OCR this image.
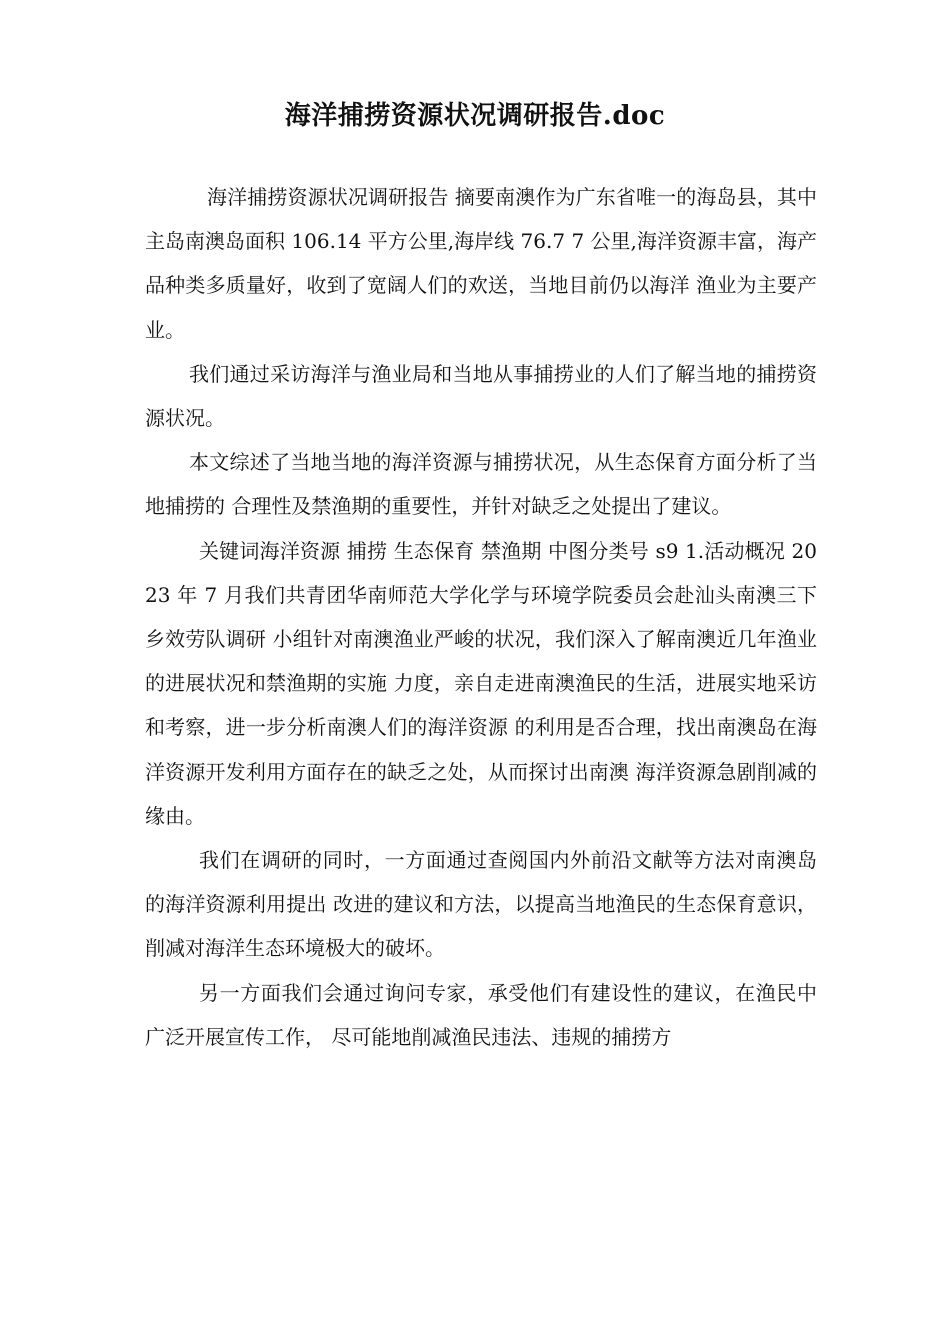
海洋捕捞资源状况调研报告.doc

海洋捕捞资源状况调研报告 摘要南澳作为广东省唯一的海岛县，其中主岛南澳岛面积 106.14 平方公里,海岸线 76.7 7 公里,海洋资源丰富，海产品种类多质量好，收到了宽阔人们的欢送，当地目前仍以海洋 渔业为主要产业。

我们通过采访海洋与渔业局和当地从事捕捞业的人们了解当地的捕捞资 源状况。

本文综述了当地当地的海洋资源与捕捞状况，从生态保育方面分析了当地捕捞的 合理性及禁渔期的重要性，并针对缺乏之处提出了建议。

关键词海洋资源 捕捞 生态保育 禁渔期 中图分类号 s9 1.活动概况 2023 年 7 月我们共青团华南师范大学化学与环境学院委员会赴汕头南澳三下乡效劳队调研 小组针对南澳渔业严峻的状况，我们深入了解南澳近几年渔业的进展状况和禁渔期的实施 力度，亲自走进南澳渔民的生活，进展实地采访和考察，进一步分析南澳人们的海洋资源 的利用是否合理，找出南澳岛在海洋资源开发利用方面存在的缺乏之处，从而探讨出南澳 海洋资源急剧削减的缘由。

我们在调研的同时，一方面通过查阅国内外前沿文献等方法对南澳岛的海洋资源利用提出 改进的建议和方法，以提高当地渔民的生态保育意识，削减对海洋生态环境极大的破坏。

另一方面我们会通过询问专家，承受他们有建设性的建议，在渔民中广泛开展宣传工作， 尽可能地削减渔民违法、违规的捕捞方
